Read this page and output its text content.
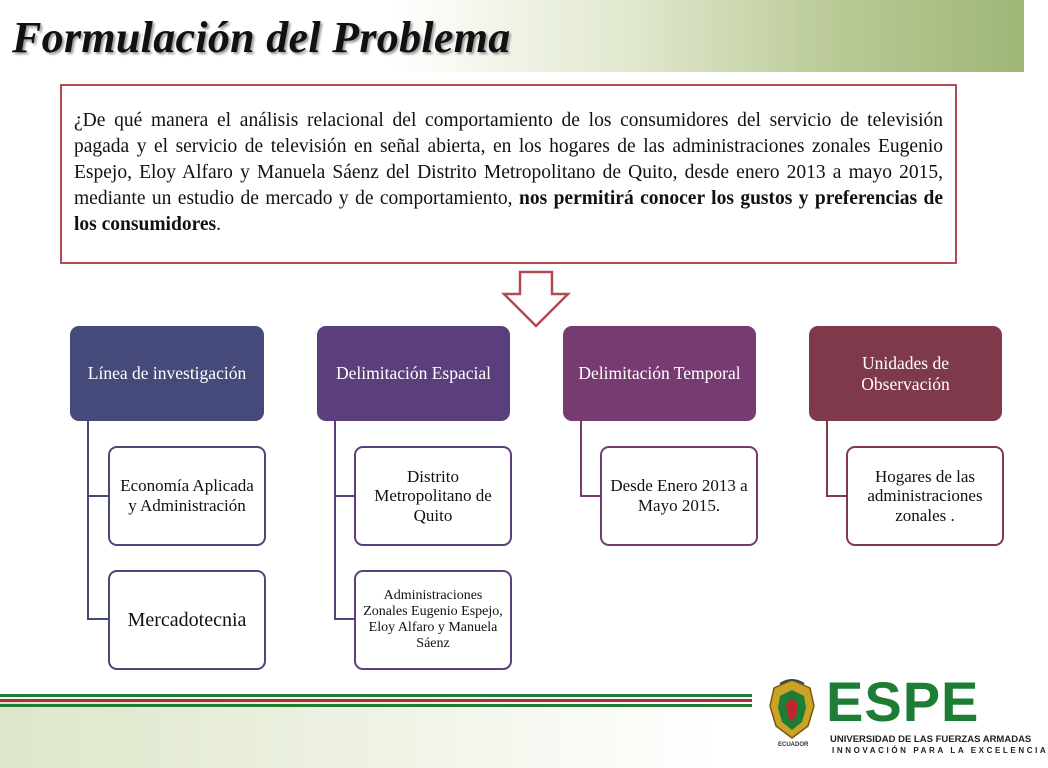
Formulación del Problema

¿De qué manera el análisis relacional del comportamiento de los consumidores del servicio de televisión pagada y el servicio de televisión en señal abierta, en los hogares de las administraciones zonales Eugenio Espejo, Eloy Alfaro y Manuela Sáenz del Distrito Metropolitano de Quito, desde enero 2013 a mayo 2015, mediante un estudio de mercado y de comportamiento, nos permitirá conocer los gustos y preferencias de los consumidores.

Línea de investigación
Economía Aplicada y Administración
Mercadotecnia
Delimitación Espacial
Distrito Metropolitano de Quito
Administraciones Zonales Eugenio Espejo, Eloy Alfaro y Manuela Sáenz
Delimitación Temporal
Desde Enero 2013 a Mayo 2015.
Unidades de Observación
Hogares de las administraciones zonales .
ECUADOR
ESPE
UNIVERSIDAD DE LAS FUERZAS ARMADAS
INNOVACIÓN PARA LA EXCELENCIA
